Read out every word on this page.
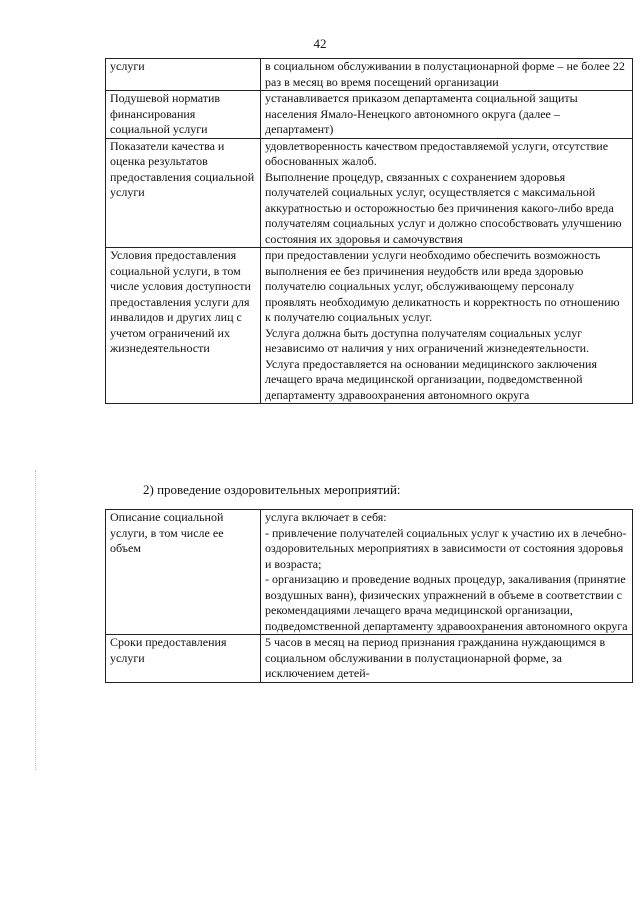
42
услуги	в социальном обслуживании в полустационарной форме – не более 22 раз в месяц во время посещений организации

Подушевой норматив финансирования социальной услуги	устанавливается приказом департамента социальной защиты населения Ямало-Ненецкого автономного округа (далее – департамент)

Показатели качества и оценка результатов предоставления социальной услуги	удовлетворенность качеством предоставляемой услуги, отсутствие обоснованных жалоб.
Выполнение процедур, связанных с сохранением здоровья получателей социальных услуг, осуществляется с максимальной аккуратностью и осторожностью без причинения какого-либо вреда получателям социальных услуг и должно способствовать улучшению состояния их здоровья и самочувствия

Условия предоставления социальной услуги, в том числе условия доступности предоставления услуги для инвалидов и других лиц с учетом ограничений их жизнедеятельности	при предоставлении услуги необходимо обеспечить возможность выполнения ее без причинения неудобств или вреда здоровью получателю социальных услуг, обслуживающему персоналу проявлять необходимую деликатность и корректность по отношению к получателю социальных услуг.
Услуга должна быть доступна получателям социальных услуг независимо от наличия у них ограничений жизнедеятельности.
Услуга предоставляется на основании медицинского заключения лечащего врача медицинской организации, подведомственной департаменту здравоохранения автономного округа
2) проведение оздоровительных мероприятий:
Описание социальной услуги, в том числе ее объем	услуга включает в себя:
- привлечение получателей социальных услуг к участию их в лечебно-оздоровительных мероприятиях в зависимости от состояния здоровья и возраста;
- организацию и проведение водных процедур, закаливания (принятие воздушных ванн), физических упражнений в объеме в соответствии с рекомендациями лечащего врача медицинской организации, подведомственной департаменту здравоохранения автономного округа

Сроки предоставления услуги	5 часов в месяц на период признания гражданина нуждающимся в социальном обслуживании в полустационарной форме, за исключением детей-
